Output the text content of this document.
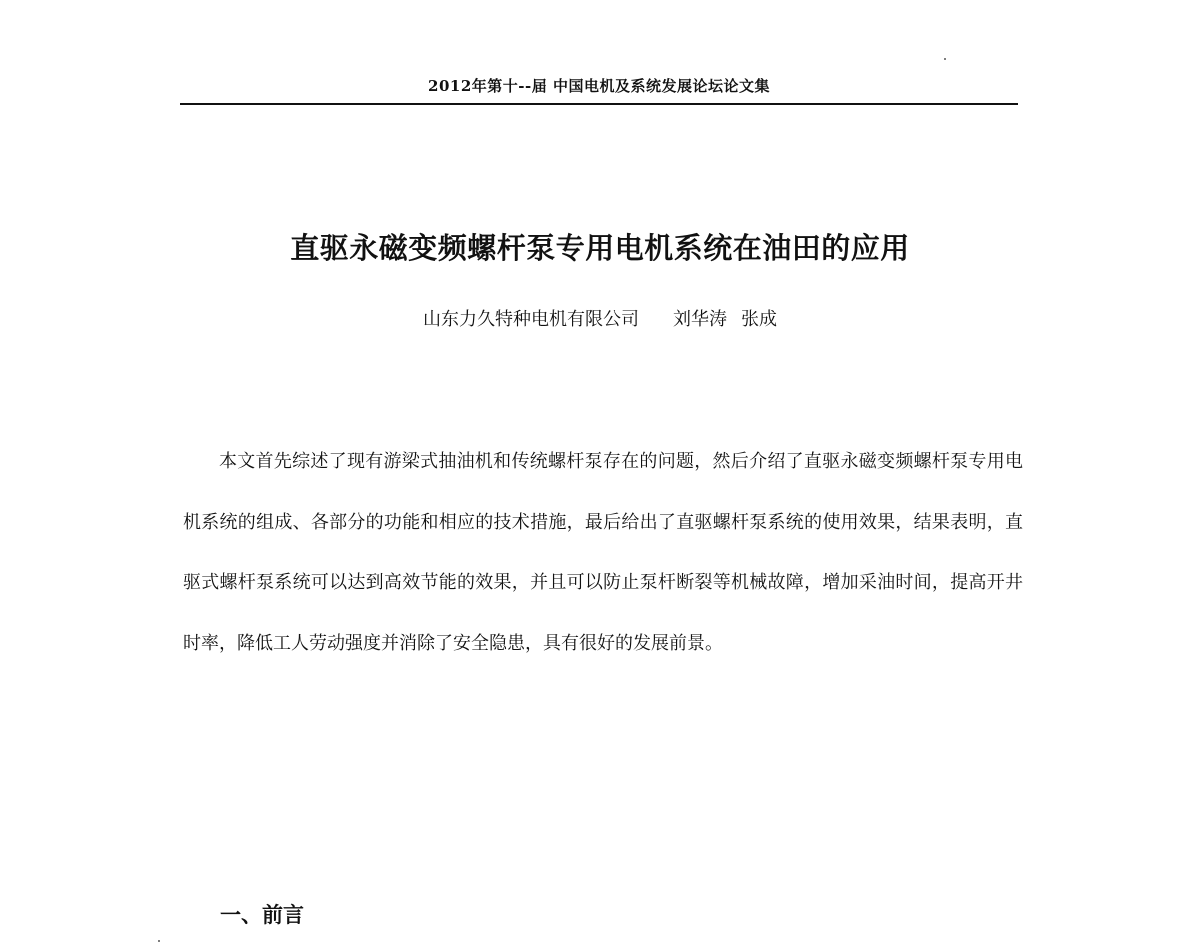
2012年第十--届 中国电机及系统发展论坛论文集
直驱永磁变频螺杆泵专用电机系统在油田的应用
山东力久特种电机有限公司 刘华涛 张成

本文首先综述了现有游梁式抽油机和传统螺杆泵存在的问题，然后介绍了直驱永磁变频螺杆泵专用电机系统的组成、各部分的功能和相应的技术措施，最后给出了直驱螺杆泵系统的使用效果，结果表明，直驱式螺杆泵系统可以达到高效节能的效果，并且可以防止泵杆断裂等机械故障，增加采油时间，提高开井时率，降低工人劳动强度并消除了安全隐患，具有很好的发展前景。

一、前言
